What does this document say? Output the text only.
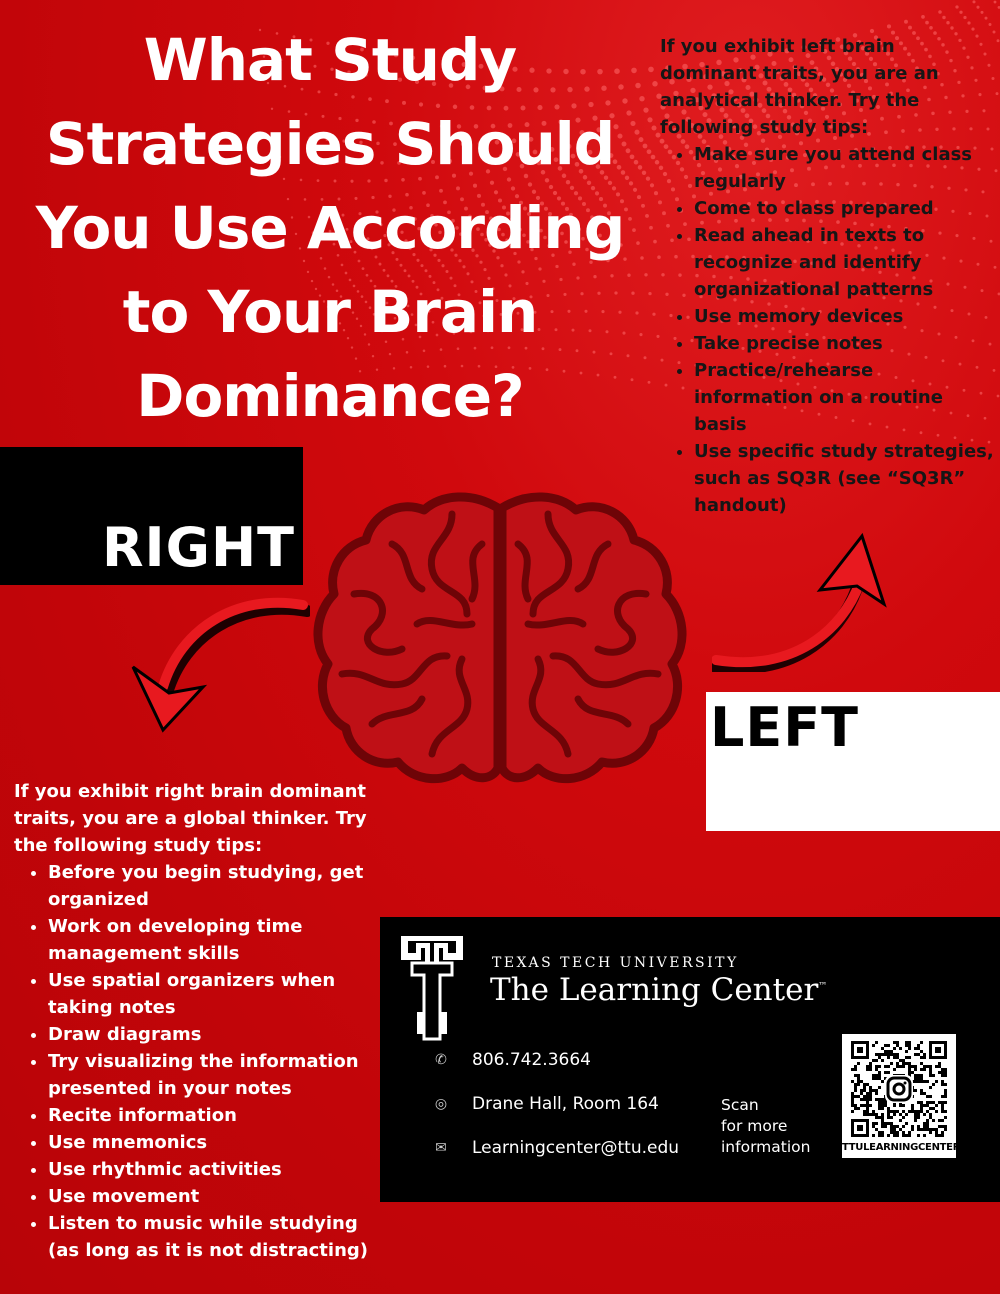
What Study Strategies Should You Use According to Your Brain Dominance?

If you exhibit left brain dominant traits, you are an analytical thinker. Try the following study tips:

• Make sure you attend class regularly
• Come to class prepared
• Read ahead in texts to recognize and identify organizational patterns
• Use memory devices
• Take precise notes
• Practice/rehearse information on a routine basis
• Use specific study strategies, such as SQ3R (see “SQ3R” handout)
RIGHT
LEFT

If you exhibit right brain dominant traits, you are a global thinker. Try the following study tips:

• Before you begin studying, get organized
• Work on developing time management skills
• Use spatial organizers when taking notes
• Draw diagrams
• Try visualizing the information presented in your notes
• Recite information
• Use mnemonics
• Use rhythmic activities
• Use movement
• Listen to music while studying (as long as it is not distracting)
TEXAS TECH UNIVERSITY
The Learning Center™
✆ 806.742.3664
◎ Drane Hall, Room 164
✉ Learningcenter@ttu.edu
Scan
for more
information	TTULEARNINGCENTER
